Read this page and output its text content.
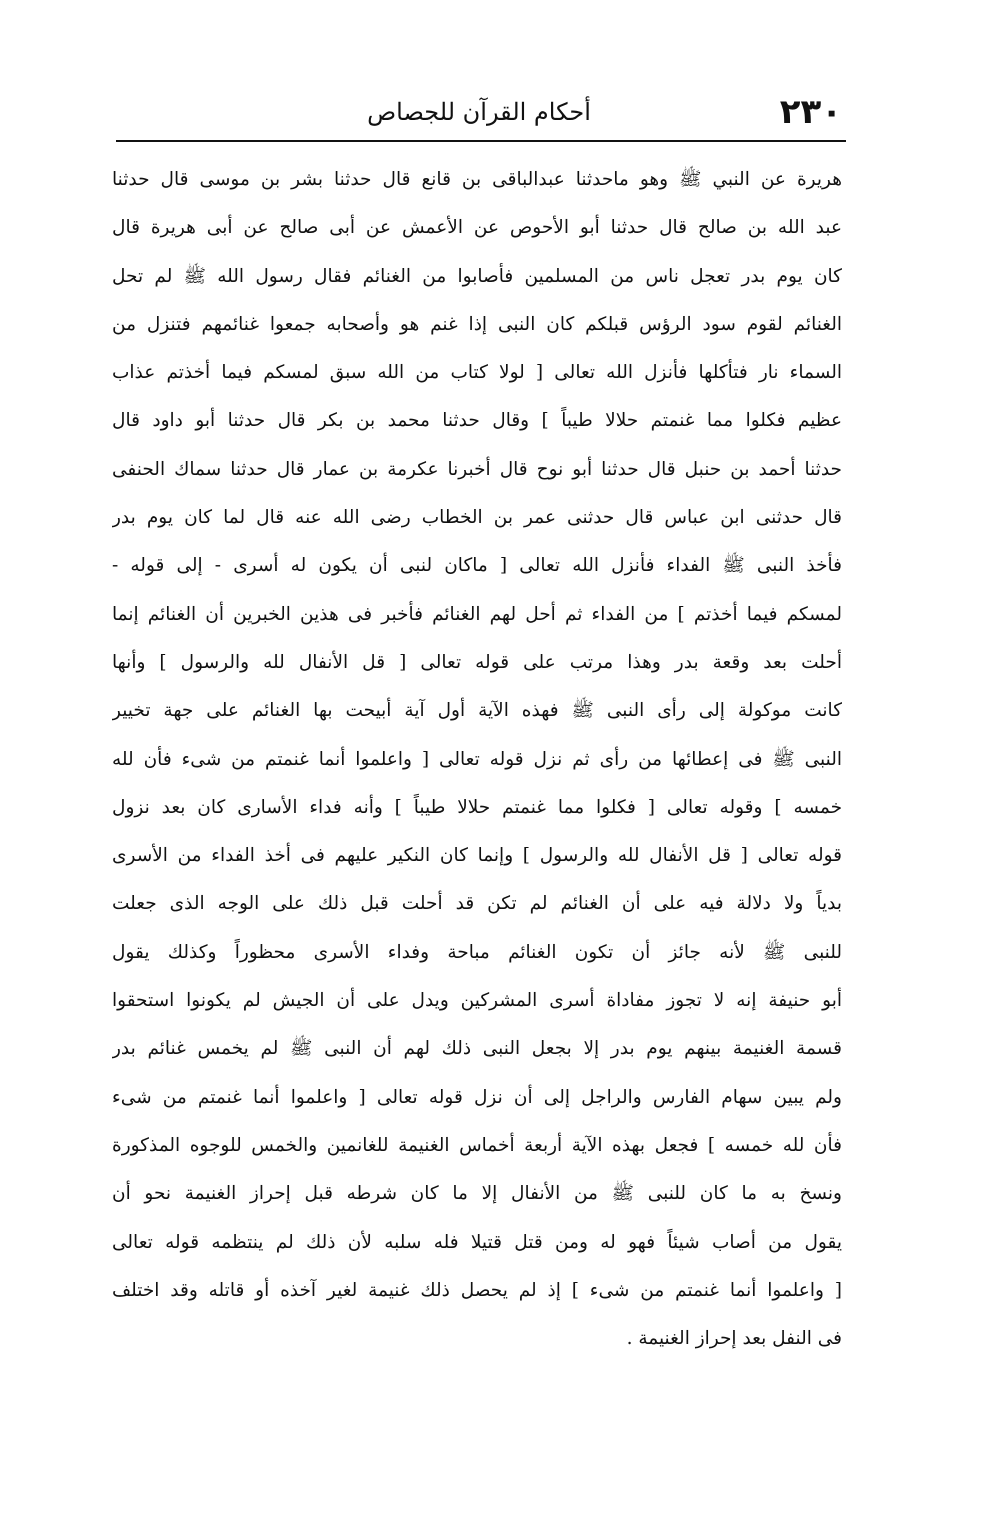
٢٣٠
أحكام القرآن للجصاص
هريرة عن النبي ﷺ وهو ماحدثنا عبدالباقى بن قانع قال حدثنا بشر بن موسى قال حدثنا
عبد الله بن صالح قال حدثنا أبو الأحوص عن الأعمش عن أبى صالح عن أبى هريرة قال
كان يوم بدر تعجل ناس من المسلمين فأصابوا من الغنائم فقال رسول الله ﷺ لم تحل
الغنائم لقوم سود الرؤس قبلكم كان النبى إذا غنم هو وأصحابه جمعوا غنائمهم فتنزل من
السماء نار فتأكلها فأنزل الله تعالى [ لولا كتاب من الله سبق لمسكم فيما أخذتم عذاب
عظيم فكلوا مما غنمتم حلالا طيباً ] وقال حدثنا محمد بن بكر قال حدثنا أبو داود قال
حدثنا أحمد بن حنبل قال حدثنا أبو نوح قال أخبرنا عكرمة بن عمار قال حدثنا سماك الحنفى
قال حدثنى ابن عباس قال حدثنى عمر بن الخطاب رضى الله عنه قال لما كان يوم بدر
فأخذ النبى ﷺ الفداء فأنزل الله تعالى [ ماكان لنبى أن يكون له أسرى - إلى قوله -
لمسكم فيما أخذتم ] من الفداء ثم أحل لهم الغنائم فأخبر فى هذين الخبرين أن الغنائم إنما
أحلت بعد وقعة بدر وهذا مرتب على قوله تعالى [ قل الأنفال لله والرسول ] وأنها
كانت موكولة إلى رأى النبى ﷺ فهذه الآية أول آية أبيحت بها الغنائم على جهة تخيير
النبى ﷺ فى إعطائها من رأى ثم نزل قوله تعالى [ واعلموا أنما غنمتم من شىء فأن لله
خمسه ] وقوله تعالى [ فكلوا مما غنمتم حلالا طيباً ] وأنه فداء الأسارى كان بعد نزول
قوله تعالى [ قل الأنفال لله والرسول ] وإنما كان النكير عليهم فى أخذ الفداء من الأسرى
بدياً ولا دلالة فيه على أن الغنائم لم تكن قد أحلت قبل ذلك على الوجه الذى جعلت
للنبى ﷺ لأنه جائز أن تكون الغنائم مباحة وفداء الأسرى محظوراً وكذلك يقول
أبو حنيفة إنه لا تجوز مفاداة أسرى المشركين ويدل على أن الجيش لم يكونوا استحقوا
قسمة الغنيمة بينهم يوم بدر إلا بجعل النبى ذلك لهم أن النبى ﷺ لم يخمس غنائم بدر
ولم يبين سهام الفارس والراجل إلى أن نزل قوله تعالى [ واعلموا أنما غنمتم من شىء
فأن لله خمسه ] فجعل بهذه الآية أربعة أخماس الغنيمة للغانمين والخمس للوجوه المذكورة
ونسخ به ما كان للنبى ﷺ من الأنفال إلا ما كان شرطه قبل إحراز الغنيمة نحو أن
يقول من أصاب شيئاً فهو له ومن قتل قتيلا فله سلبه لأن ذلك لم ينتظمه قوله تعالى
[ واعلموا أنما غنمتم من شىء ] إذ لم يحصل ذلك غنيمة لغير آخذه أو قاتله وقد اختلف
فى النفل بعد إحراز الغنيمة .
